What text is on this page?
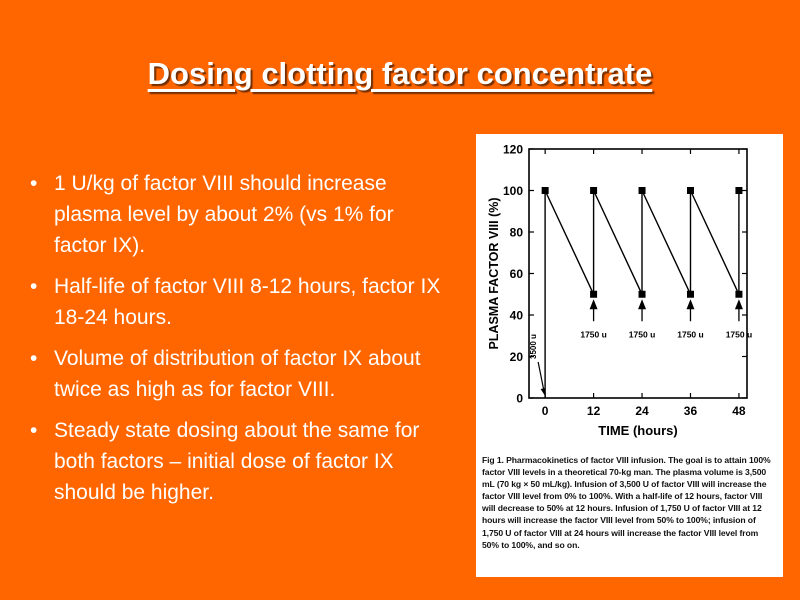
Dosing clotting factor concentrate
• 1 U/kg of factor VIII should increase plasma level by about 2% (vs 1% for factor IX).
• Half-life of factor VIII 8-12 hours, factor IX 18-24 hours.
• Volume of distribution of factor IX about twice as high as for factor VIII.
• Steady state dosing about the same for both factors – initial dose of factor IX should be higher.
0
20
40
60
80
100
120
0	12	24	36	48
TIME (hours)
PLASMA FACTOR VIII (%)	3500 u	1750 u	1750 u	1750 u	1750 u
Fig 1. Pharmacokinetics of factor VIII infusion. The goal is to attain 100% factor VIII levels in a theoretical 70-kg man. The plasma volume is 3,500 mL (70 kg × 50 mL/kg). Infusion of 3,500 U of factor VIII will increase the factor VIII level from 0% to 100%. With a half-life of 12 hours, factor VIII will decrease to 50% at 12 hours. Infusion of 1,750 U of factor VIII at 12 hours will increase the factor VIII level from 50% to 100%; infusion of 1,750 U of factor VIII at 24 hours will increase the factor VIII level from 50% to 100%, and so on.
